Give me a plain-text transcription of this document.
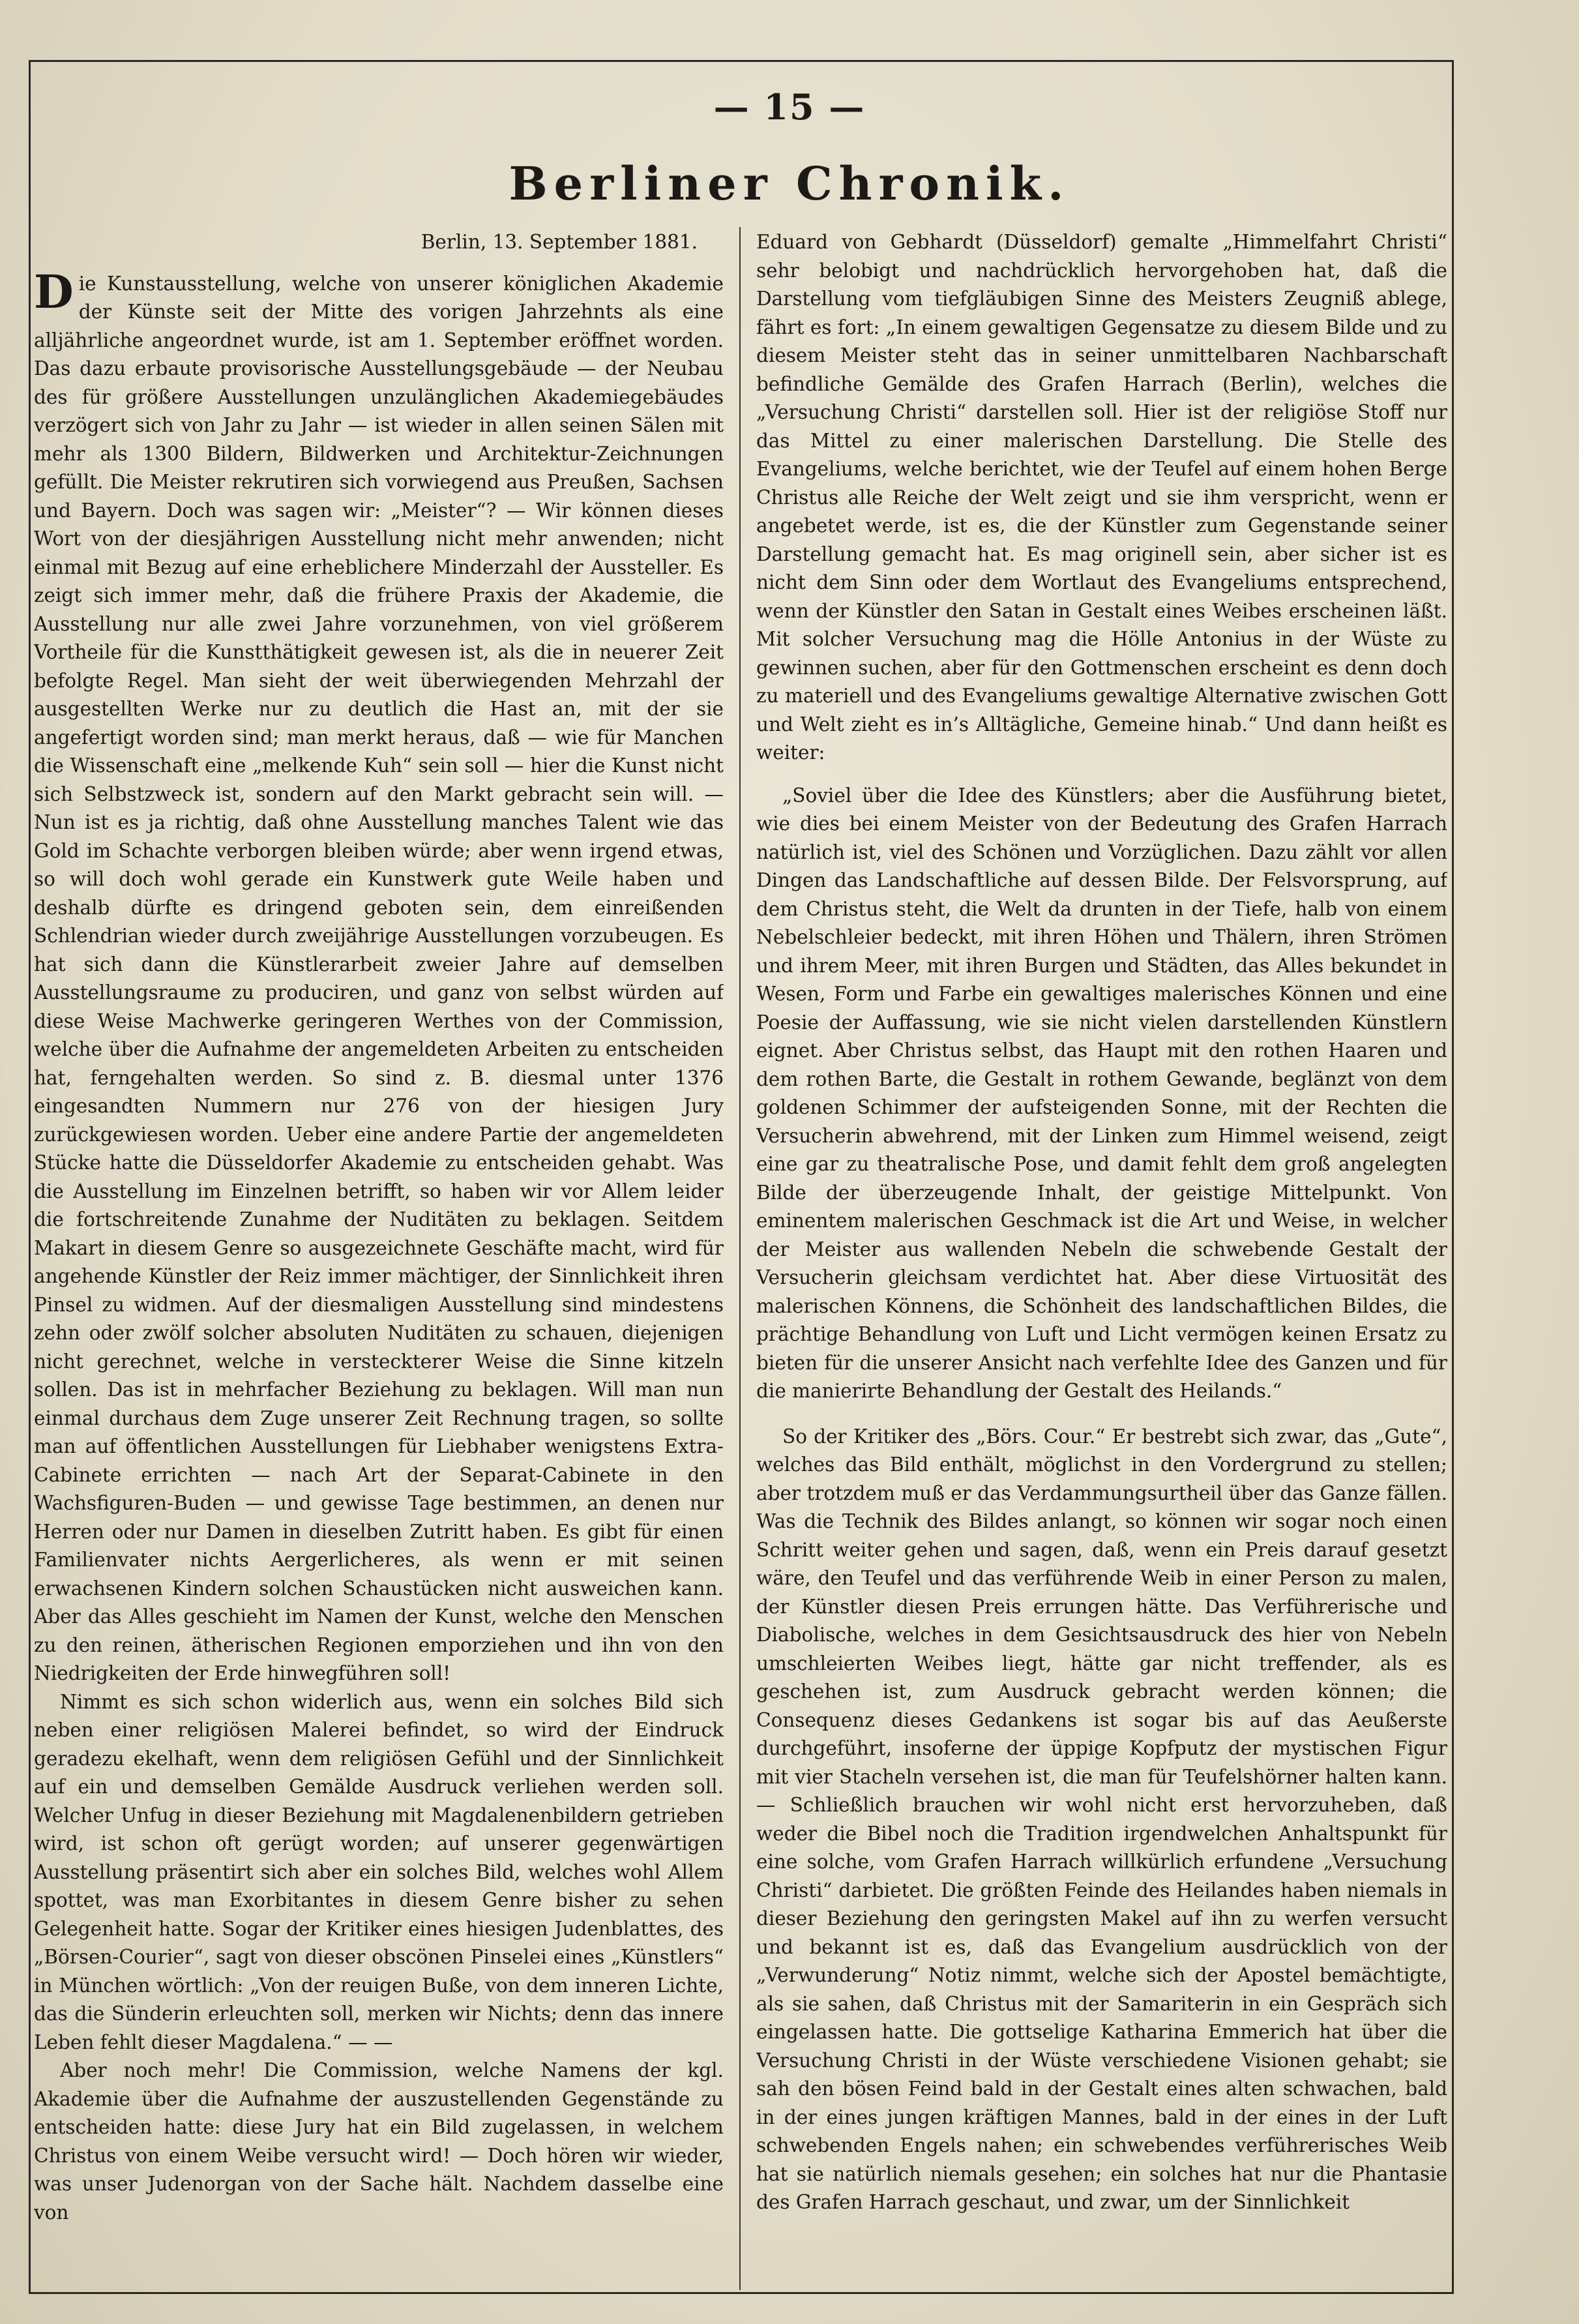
— 15 —
Berliner Chronik.

Berlin, 13. September 1881.

Die Kunstausstellung, welche von unserer königlichen Akademie der Künste seit der Mitte des vorigen Jahrzehnts als eine alljährliche angeordnet wurde, ist am 1. September eröffnet worden. Das dazu erbaute provisorische Ausstellungsgebäude — der Neubau des für größere Ausstellungen unzulänglichen Akademiegebäudes verzögert sich von Jahr zu Jahr — ist wieder in allen seinen Sälen mit mehr als 1300 Bildern, Bildwerken und Architektur-Zeichnungen gefüllt. Die Meister rekrutiren sich vorwiegend aus Preußen, Sachsen und Bayern. Doch was sagen wir: „Meister“? — Wir können dieses Wort von der diesjährigen Ausstellung nicht mehr anwenden; nicht einmal mit Bezug auf eine erheblichere Minderzahl der Aussteller. Es zeigt sich immer mehr, daß die frühere Praxis der Akademie, die Ausstellung nur alle zwei Jahre vorzunehmen, von viel größerem Vortheile für die Kunstthätigkeit gewesen ist, als die in neuerer Zeit befolgte Regel. Man sieht der weit überwiegenden Mehrzahl der ausgestellten Werke nur zu deutlich die Hast an, mit der sie angefertigt worden sind; man merkt heraus, daß — wie für Manchen die Wissenschaft eine „melkende Kuh“ sein soll — hier die Kunst nicht sich Selbstzweck ist, sondern auf den Markt gebracht sein will. — Nun ist es ja richtig, daß ohne Ausstellung manches Talent wie das Gold im Schachte verborgen bleiben würde; aber wenn irgend etwas, so will doch wohl gerade ein Kunstwerk gute Weile haben und deshalb dürfte es dringend geboten sein, dem einreißenden Schlendrian wieder durch zweijährige Ausstellungen vorzubeugen. Es hat sich dann die Künstlerarbeit zweier Jahre auf demselben Ausstellungsraume zu produciren, und ganz von selbst würden auf diese Weise Machwerke geringeren Werthes von der Commission, welche über die Aufnahme der angemeldeten Arbeiten zu entscheiden hat, ferngehalten werden. So sind z. B. diesmal unter 1376 eingesandten Nummern nur 276 von der hiesigen Jury zurückgewiesen worden. Ueber eine andere Partie der angemeldeten Stücke hatte die Düsseldorfer Akademie zu entscheiden gehabt. Was die Ausstellung im Einzelnen betrifft, so haben wir vor Allem leider die fortschreitende Zunahme der Nuditäten zu beklagen. Seitdem Makart in diesem Genre so ausgezeichnete Geschäfte macht, wird für angehende Künstler der Reiz immer mächtiger, der Sinnlichkeit ihren Pinsel zu widmen. Auf der diesmaligen Ausstellung sind mindestens zehn oder zwölf solcher absoluten Nuditäten zu schauen, diejenigen nicht gerechnet, welche in versteckterer Weise die Sinne kitzeln sollen. Das ist in mehrfacher Beziehung zu beklagen. Will man nun einmal durchaus dem Zuge unserer Zeit Rechnung tragen, so sollte man auf öffentlichen Ausstellungen für Liebhaber wenigstens Extra-Cabinete errichten — nach Art der Separat-Cabinete in den Wachsfiguren-Buden — und gewisse Tage bestimmen, an denen nur Herren oder nur Damen in dieselben Zutritt haben. Es gibt für einen Familienvater nichts Aergerlicheres, als wenn er mit seinen erwachsenen Kindern solchen Schaustücken nicht ausweichen kann. Aber das Alles geschieht im Namen der Kunst, welche den Menschen zu den reinen, ätherischen Regionen emporziehen und ihn von den Niedrigkeiten der Erde hinwegführen soll!

Nimmt es sich schon widerlich aus, wenn ein solches Bild sich neben einer religiösen Malerei befindet, so wird der Eindruck geradezu ekelhaft, wenn dem religiösen Gefühl und der Sinnlichkeit auf ein und demselben Gemälde Ausdruck verliehen werden soll. Welcher Unfug in dieser Beziehung mit Magdalenenbildern getrieben wird, ist schon oft gerügt worden; auf unserer gegenwärtigen Ausstellung präsentirt sich aber ein solches Bild, welches wohl Allem spottet, was man Exorbitantes in diesem Genre bisher zu sehen Gelegenheit hatte. Sogar der Kritiker eines hiesigen Judenblattes, des „Börsen-Courier“, sagt von dieser obscönen Pinselei eines „Künstlers“ in München wörtlich: „Von der reuigen Buße, von dem inneren Lichte, das die Sünderin erleuchten soll, merken wir Nichts; denn das innere Leben fehlt dieser Magdalena.“ — —

Aber noch mehr! Die Commission, welche Namens der kgl. Akademie über die Aufnahme der auszustellenden Gegenstände zu entscheiden hatte: diese Jury hat ein Bild zugelassen, in welchem Christus von einem Weibe versucht wird! — Doch hören wir wieder, was unser Judenorgan von der Sache hält. Nachdem dasselbe eine von

Eduard von Gebhardt (Düsseldorf) gemalte „Himmelfahrt Christi“ sehr belobigt und nachdrücklich hervorgehoben hat, daß die Darstellung vom tiefgläubigen Sinne des Meisters Zeugniß ablege, fährt es fort: „In einem gewaltigen Gegensatze zu diesem Bilde und zu diesem Meister steht das in seiner unmittelbaren Nachbarschaft befindliche Gemälde des Grafen Harrach (Berlin), welches die „Versuchung Christi“ darstellen soll. Hier ist der religiöse Stoff nur das Mittel zu einer malerischen Darstellung. Die Stelle des Evangeliums, welche berichtet, wie der Teufel auf einem hohen Berge Christus alle Reiche der Welt zeigt und sie ihm verspricht, wenn er angebetet werde, ist es, die der Künstler zum Gegenstande seiner Darstellung gemacht hat. Es mag originell sein, aber sicher ist es nicht dem Sinn oder dem Wortlaut des Evangeliums entsprechend, wenn der Künstler den Satan in Gestalt eines Weibes erscheinen läßt. Mit solcher Versuchung mag die Hölle Antonius in der Wüste zu gewinnen suchen, aber für den Gottmenschen erscheint es denn doch zu materiell und des Evangeliums gewaltige Alternative zwischen Gott und Welt zieht es in’s Alltägliche, Gemeine hinab.“ Und dann heißt es weiter:

„Soviel über die Idee des Künstlers; aber die Ausführung bietet, wie dies bei einem Meister von der Bedeutung des Grafen Harrach natürlich ist, viel des Schönen und Vorzüglichen. Dazu zählt vor allen Dingen das Landschaftliche auf dessen Bilde. Der Felsvorsprung, auf dem Christus steht, die Welt da drunten in der Tiefe, halb von einem Nebelschleier bedeckt, mit ihren Höhen und Thälern, ihren Strömen und ihrem Meer, mit ihren Burgen und Städten, das Alles bekundet in Wesen, Form und Farbe ein gewaltiges malerisches Können und eine Poesie der Auffassung, wie sie nicht vielen darstellenden Künstlern eignet. Aber Christus selbst, das Haupt mit den rothen Haaren und dem rothen Barte, die Gestalt in rothem Gewande, beglänzt von dem goldenen Schimmer der aufsteigenden Sonne, mit der Rechten die Versucherin abwehrend, mit der Linken zum Himmel weisend, zeigt eine gar zu theatralische Pose, und damit fehlt dem groß angelegten Bilde der überzeugende Inhalt, der geistige Mittelpunkt. Von eminentem malerischen Geschmack ist die Art und Weise, in welcher der Meister aus wallenden Nebeln die schwebende Gestalt der Versucherin gleichsam verdichtet hat. Aber diese Virtuosität des malerischen Könnens, die Schönheit des landschaftlichen Bildes, die prächtige Behandlung von Luft und Licht vermögen keinen Ersatz zu bieten für die unserer Ansicht nach verfehlte Idee des Ganzen und für die manierirte Behandlung der Gestalt des Heilands.“

So der Kritiker des „Börs. Cour.“ Er bestrebt sich zwar, das „Gute“, welches das Bild enthält, möglichst in den Vordergrund zu stellen; aber trotzdem muß er das Verdammungsurtheil über das Ganze fällen. Was die Technik des Bildes anlangt, so können wir sogar noch einen Schritt weiter gehen und sagen, daß, wenn ein Preis darauf gesetzt wäre, den Teufel und das verführende Weib in einer Person zu malen, der Künstler diesen Preis errungen hätte. Das Verführerische und Diabolische, welches in dem Gesichtsausdruck des hier von Nebeln umschleierten Weibes liegt, hätte gar nicht treffender, als es geschehen ist, zum Ausdruck gebracht werden können; die Consequenz dieses Gedankens ist sogar bis auf das Aeußerste durchgeführt, insoferne der üppige Kopfputz der mystischen Figur mit vier Stacheln versehen ist, die man für Teufelshörner halten kann. — Schließlich brauchen wir wohl nicht erst hervorzuheben, daß weder die Bibel noch die Tradition irgendwelchen Anhaltspunkt für eine solche, vom Grafen Harrach willkürlich erfundene „Versuchung Christi“ darbietet. Die größten Feinde des Heilandes haben niemals in dieser Beziehung den geringsten Makel auf ihn zu werfen versucht und bekannt ist es, daß das Evangelium ausdrücklich von der „Verwunderung“ Notiz nimmt, welche sich der Apostel bemächtigte, als sie sahen, daß Christus mit der Samariterin in ein Gespräch sich eingelassen hatte. Die gottselige Katharina Emmerich hat über die Versuchung Christi in der Wüste verschiedene Visionen gehabt; sie sah den bösen Feind bald in der Gestalt eines alten schwachen, bald in der eines jungen kräftigen Mannes, bald in der eines in der Luft schwebenden Engels nahen; ein schwebendes verführerisches Weib hat sie natürlich niemals gesehen; ein solches hat nur die Phantasie des Grafen Harrach geschaut, und zwar, um der Sinnlichkeit
